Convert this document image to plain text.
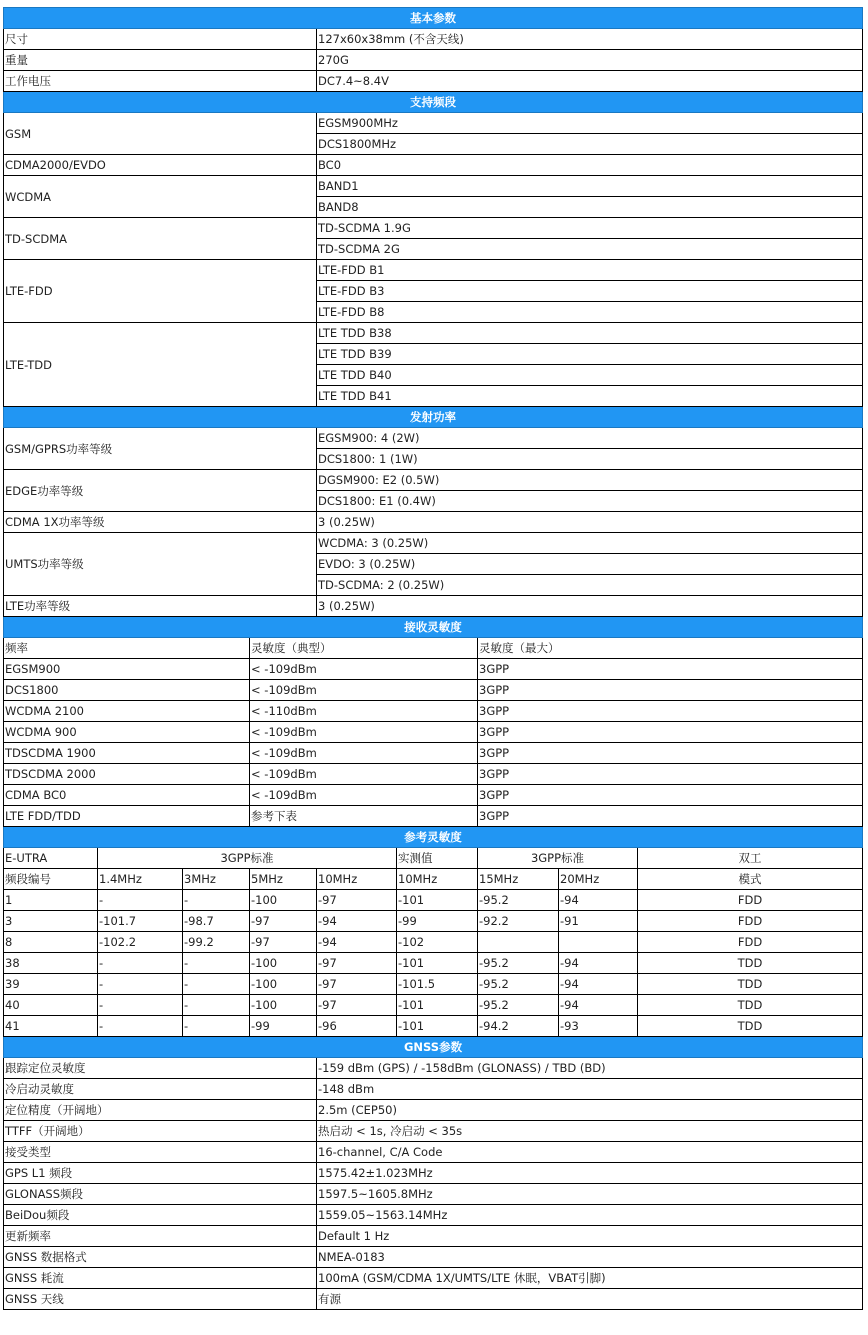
基本参数								
尺寸				127x60x38mm (不含天线)				
重量				270G				
工作电压				DC7.4~8.4V				
支持频段								
GSM				EGSM900MHz				
				DCS1800MHz				
CDMA2000/EVDO				BC0				
WCDMA				BAND1				
				BAND8				
TD-SCDMA				TD-SCDMA 1.9G				
				TD-SCDMA 2G				
LTE-FDD				LTE-FDD B1				
				LTE-FDD B3				
				LTE-FDD B8				
LTE-TDD				LTE TDD B38				
				LTE TDD B39				
				LTE TDD B40				
				LTE TDD B41				
发射功率								
GSM/GPRS功率等级				EGSM900: 4 (2W)				
				DCS1800: 1 (1W)				
EDGE功率等级				DGSM900: E2 (0.5W)				
				DCS1800: E1 (0.4W)				
CDMA 1X功率等级				3 (0.25W)				
UMTS功率等级				WCDMA: 3 (0.25W)				
				EVDO: 3 (0.25W)				
				TD-SCDMA: 2 (0.25W)				
LTE功率等级				3 (0.25W)				
接收灵敏度								
频率			灵敏度（典型）			灵敏度（最大）		
EGSM900			< -109dBm			3GPP		
DCS1800			< -109dBm			3GPP		
WCDMA 2100			< -110dBm			3GPP		
WCDMA 900			< -109dBm			3GPP		
TDSCDMA 1900			< -109dBm			3GPP		
TDSCDMA 2000			< -109dBm			3GPP		
CDMA BC0			< -109dBm			3GPP		
LTE FDD/TDD			参考下表			3GPP		
参考灵敏度								
E-UTRA	3GPP标准				实测值	3GPP标准		双工
频段编号	1.4MHz	3MHz	5MHz	10MHz	10MHz	15MHz	20MHz	模式
1	-	-	-100	-97	-101	-95.2	-94	FDD
3	-101.7	-98.7	-97	-94	-99	-92.2	-91	FDD
8	-102.2	-99.2	-97	-94	-102			FDD
38	-	-	-100	-97	-101	-95.2	-94	TDD
39	-	-	-100	-97	-101.5	-95.2	-94	TDD
40	-	-	-100	-97	-101	-95.2	-94	TDD
41	-	-	-99	-96	-101	-94.2	-93	TDD
GNSS参数								
跟踪定位灵敏度				-159 dBm (GPS) / -158dBm (GLONASS) / TBD (BD)				
冷启动灵敏度				-148 dBm				
定位精度（开阔地）				2.5m (CEP50)				
TTFF（开阔地）				热启动 < 1s, 冷启动 < 35s				
接受类型				16-channel, C/A Code				
GPS L1 频段				1575.42±1.023MHz				
GLONASS频段				1597.5~1605.8MHz				
BeiDou频段				1559.05~1563.14MHz				
更新频率				Default 1 Hz				
GNSS 数据格式				NMEA-0183				
GNSS 耗流				100mA (GSM/CDMA 1X/UMTS/LTE 休眠，VBAT引脚)				
GNSS 天线				有源				
